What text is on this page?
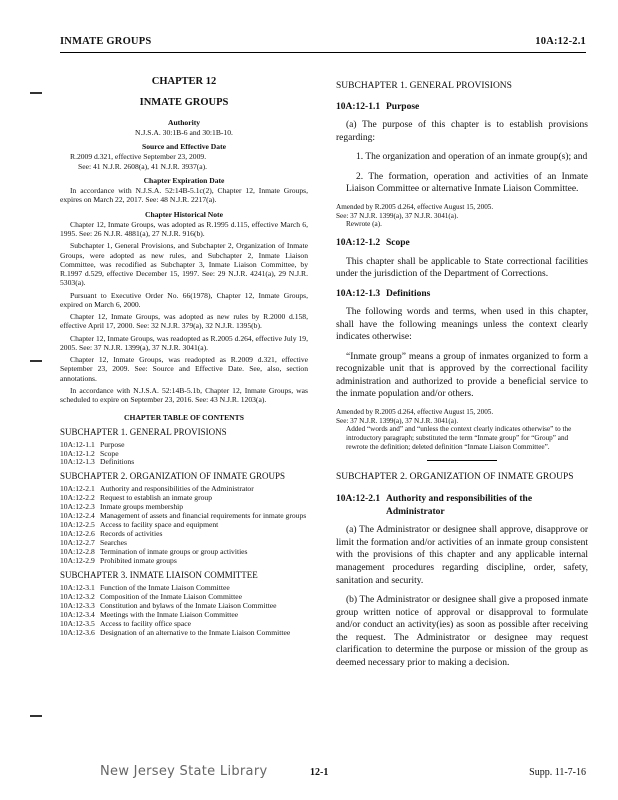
INMATE GROUPS	10A:12-2.1

CHAPTER 12

INMATE GROUPS

Authority

N.J.S.A. 30:1B-6 and 30:1B-10.

Source and Effective Date

R.2009 d.321, effective September 23, 2009.
See: 41 N.J.R. 2608(a), 41 N.J.R. 3937(a).

Chapter Expiration Date

In accordance with N.J.S.A. 52:14B-5.1c(2), Chapter 12, Inmate Groups, expires on March 22, 2017. See: 48 N.J.R. 2217(a).

Chapter Historical Note

Chapter 12, Inmate Groups, was adopted as R.1995 d.115, effective March 6, 1995. See: 26 N.J.R. 4881(a), 27 N.J.R. 916(b).

Subchapter 1, General Provisions, and Subchapter 2, Organization of Inmate Groups, were adopted as new rules, and Subchapter 2, Inmate Liaison Committee, was recodified as Subchapter 3, Inmate Liaison Committee, by R.1997 d.529, effective December 15, 1997. See: 29 N.J.R. 4241(a), 29 N.J.R. 5303(a).

Pursuant to Executive Order No. 66(1978), Chapter 12, Inmate Groups, expired on March 6, 2000.

Chapter 12, Inmate Groups, was adopted as new rules by R.2000 d.158, effective April 17, 2000. See: 32 N.J.R. 379(a), 32 N.J.R. 1395(b).

Chapter 12, Inmate Groups, was readopted as R.2005 d.264, effective July 19, 2005. See: 37 N.J.R. 1399(a), 37 N.J.R. 3041(a).

Chapter 12, Inmate Groups, was readopted as R.2009 d.321, effective September 23, 2009. See: Source and Effective Date. See, also, section annotations.

In accordance with N.J.S.A. 52:14B-5.1b, Chapter 12, Inmate Groups, was scheduled to expire on September 23, 2016. See: 43 N.J.R. 1203(a).

CHAPTER TABLE OF CONTENTS

SUBCHAPTER 1. GENERAL PROVISIONS

10A:12-1.1 Purpose
10A:12-1.2 Scope
10A:12-1.3 Definitions

SUBCHAPTER 2. ORGANIZATION OF INMATE GROUPS

10A:12-2.1 Authority and responsibilities of the Administrator
10A:12-2.2 Request to establish an inmate group
10A:12-2.3 Inmate groups membership
10A:12-2.4 Management of assets and financial requirements for inmate groups
10A:12-2.5 Access to facility space and equipment
10A:12-2.6 Records of activities
10A:12-2.7 Searches
10A:12-2.8 Termination of inmate groups or group activities
10A:12-2.9 Prohibited inmate groups

SUBCHAPTER 3. INMATE LIAISON COMMITTEE

10A:12-3.1 Function of the Inmate Liaison Committee
10A:12-3.2 Composition of the Inmate Liaison Committee
10A:12-3.3 Constitution and bylaws of the Inmate Liaison Committee
10A:12-3.4 Meetings with the Inmate Liaison Committee
10A:12-3.5 Access to facility office space
10A:12-3.6 Designation of an alternative to the Inmate Liaison Committee

SUBCHAPTER 1. GENERAL PROVISIONS

10A:12-1.1 Purpose

(a) The purpose of this chapter is to establish provisions regarding:

1. The organization and operation of an inmate group(s); and

2. The formation, operation and activities of an Inmate Liaison Committee or alternative Inmate Liaison Committee.

Amended by R.2005 d.264, effective August 15, 2005.
See: 37 N.J.R. 1399(a), 37 N.J.R. 3041(a).
Rewrote (a).
10A:12-1.2 Scope

This chapter shall be applicable to State correctional facilities under the jurisdiction of the Department of Corrections.

10A:12-1.3 Definitions

The following words and terms, when used in this chapter, shall have the following meanings unless the context clearly indicates otherwise:

“Inmate group” means a group of inmates organized to form a recognizable unit that is approved by the correctional facility administration and authorized to provide a beneficial service to the inmate population and/or others.

Amended by R.2005 d.264, effective August 15, 2005.
See: 37 N.J.R. 1399(a), 37 N.J.R. 3041(a).
Added “words and” and “unless the context clearly indicates otherwise” to the introductory paragraph; substituted the term “Inmate group” for “Group” and rewrote the definition; deleted definition “Inmate Liaison Committee”.

SUBCHAPTER 2. ORGANIZATION OF INMATE GROUPS

10A:12-2.1 Authority and responsibilities of the Administrator

(a) The Administrator or designee shall approve, disapprove or limit the formation and/or activities of an inmate group consistent with the provisions of this chapter and any applicable internal management procedures regarding discipline, order, safety, sanitation and security.

(b) The Administrator or designee shall give a proposed inmate group written notice of approval or disapproval to formulate and/or conduct an activity(ies) as soon as possible after receiving the request. The Administrator or designee may request clarification to determine the purpose or mission of the group as deemed necessary prior to making a decision.

New Jersey State Library	12-1	Supp. 11-7-16
